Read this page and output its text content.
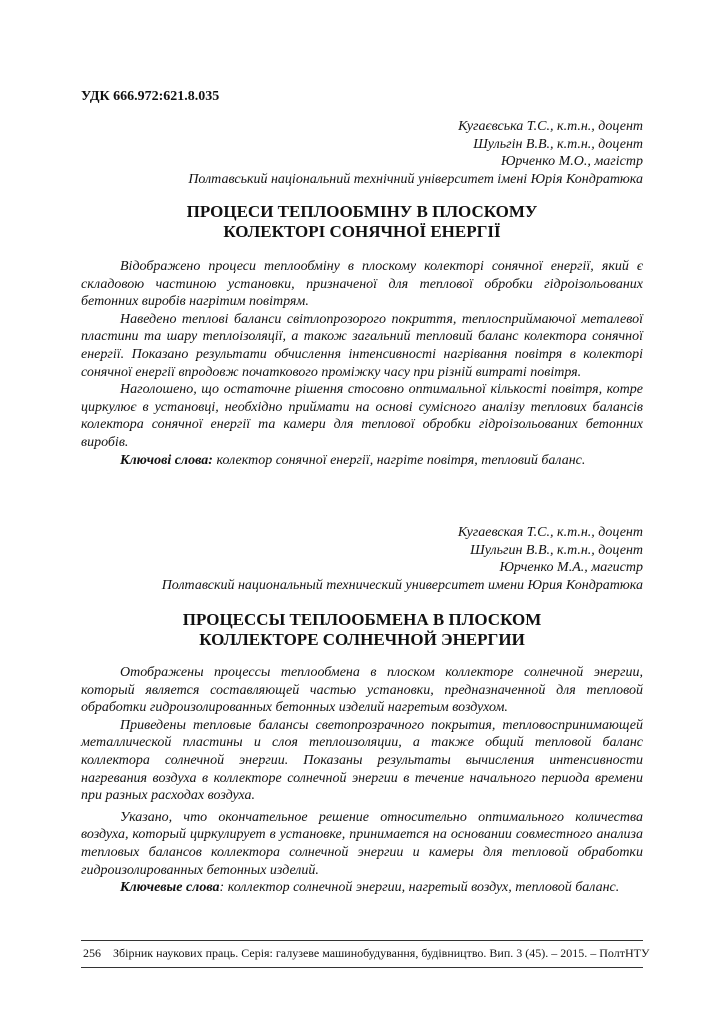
УДК 666.972:621.8.035
Кугаєвська Т.С., к.т.н., доцент
Шульгін В.В., к.т.н., доцент
Юрченко М.О., магістр
Полтавський національний технічний університет імені Юрія Кондратюка
ПРОЦЕСИ ТЕПЛООБМІНУ В ПЛОСКОМУ
КОЛЕКТОРІ СОНЯЧНОЇ ЕНЕРГІЇ

Відображено процеси теплообміну в плоскому колекторі сонячної енергії, який є складовою частиною установки, призначеної для теплової обробки гідроізольованих бетонних виробів нагрітим повітрям.

Наведено теплові баланси світлопрозорого покриття, теплосприймаючої металевої пластини та шару теплоізоляції, а також загальний тепловий баланс колектора сонячної енергії. Показано результати обчислення інтенсивності нагрівання повітря в колекторі сонячної енергії впродовж початкового проміжку часу при різній витраті повітря.

Наголошено, що остаточне рішення стосовно оптимальної кількості повітря, котре циркулює в установці, необхідно приймати на основі сумісного аналізу теплових балансів колектора сонячної енергії та камери для теплової обробки гідроізольованих бетонних виробів.

Ключові слова: колектор сонячної енергії, нагріте повітря, тепловий баланс.

Кугаевская Т.С., к.т.н., доцент
Шульгин В.В., к.т.н., доцент
Юрченко М.А., магистр
Полтавский национальный технический университет имени Юрия Кондратюка
ПРОЦЕССЫ ТЕПЛООБМЕНА В ПЛОСКОМ
КОЛЛЕКТОРЕ СОЛНЕЧНОЙ ЭНЕРГИИ

Отображены процессы теплообмена в плоском коллекторе солнечной энергии, который является составляющей частью установки, предназначенной для тепловой обработки гидроизолированных бетонных изделий нагретым воздухом.

Приведены тепловые балансы светопрозрачного покрытия, тепловоспринимающей металлической пластины и слоя теплоизоляции, а также общий тепловой баланс коллектора солнечной энергии. Показаны результаты вычисления интенсивности нагревания воздуха в коллекторе солнечной энергии в течение начального периода времени при разных расходах воздуха.

Указано, что окончательное решение относительно оптимального количества воздуха, который циркулирует в установке, принимается на основании совместного анализа тепловых балансов коллектора солнечной энергии и камеры для тепловой обработки гидроизолированных бетонных изделий.

Ключевые слова: коллектор солнечной энергии, нагретый воздух, тепловой баланс.

256 Збірник наукових праць. Серія: галузеве машинобудування, будівництво. Вип. 3 (45). – 2015. – ПолтНТУ
